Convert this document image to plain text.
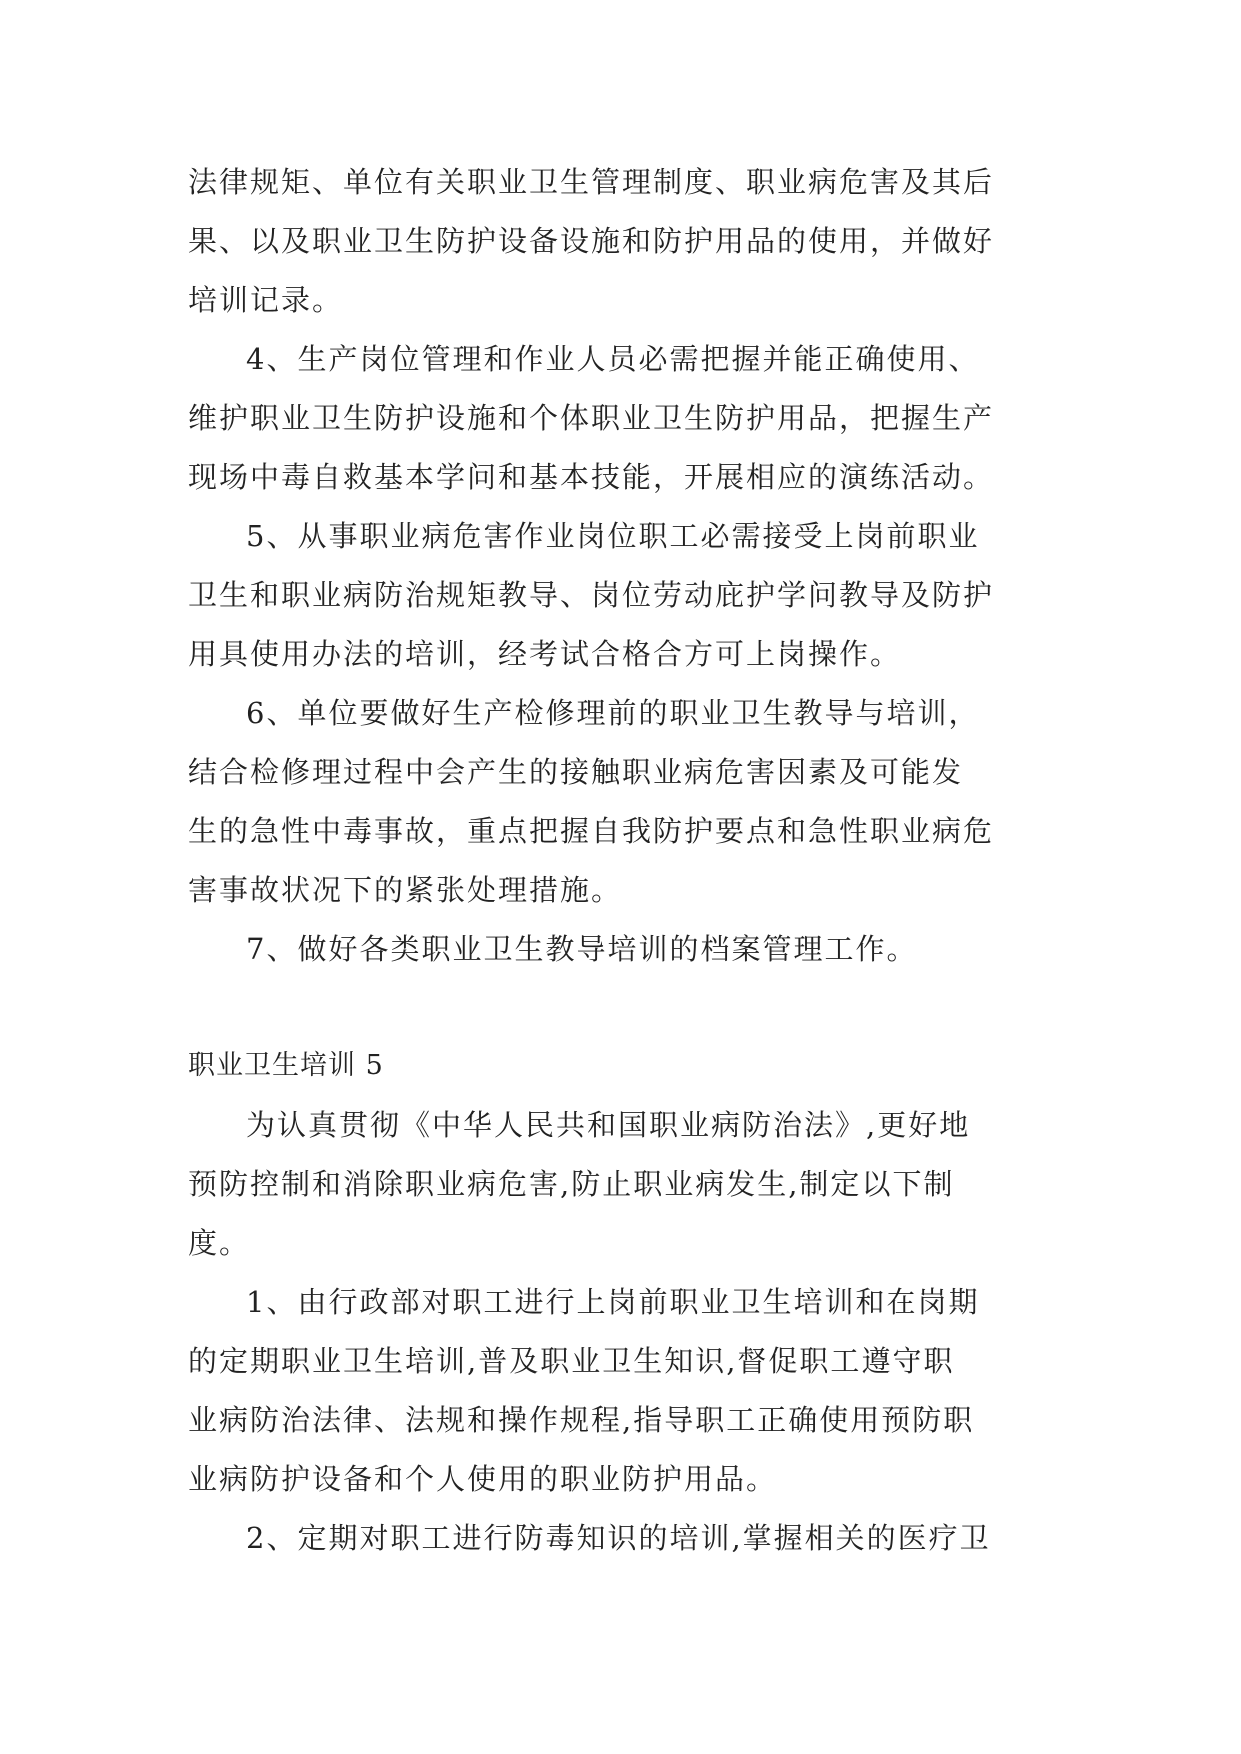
法律规矩、单位有关职业卫生管理制度、职业病危害及其后
果、以及职业卫生防护设备设施和防护用品的使用，并做好
培训记录。
4、生产岗位管理和作业人员必需把握并能正确使用、
维护职业卫生防护设施和个体职业卫生防护用品，把握生产
现场中毒自救基本学问和基本技能，开展相应的演练活动。
5、从事职业病危害作业岗位职工必需接受上岗前职业
卫生和职业病防治规矩教导、岗位劳动庇护学问教导及防护
用具使用办法的培训，经考试合格合方可上岗操作。
6、单位要做好生产检修理前的职业卫生教导与培训，
结合检修理过程中会产生的接触职业病危害因素及可能发
生的急性中毒事故，重点把握自我防护要点和急性职业病危
害事故状况下的紧张处理措施。
7、做好各类职业卫生教导培训的档案管理工作。
职业卫生培训 5
为认真贯彻《中华人民共和国职业病防治法》,更好地
预防控制和消除职业病危害,防止职业病发生,制定以下制
度。
1、由行政部对职工进行上岗前职业卫生培训和在岗期
的定期职业卫生培训,普及职业卫生知识,督促职工遵守职
业病防治法律、法规和操作规程,指导职工正确使用预防职
业病防护设备和个人使用的职业防护用品。
2、定期对职工进行防毒知识的培训,掌握相关的医疗卫
